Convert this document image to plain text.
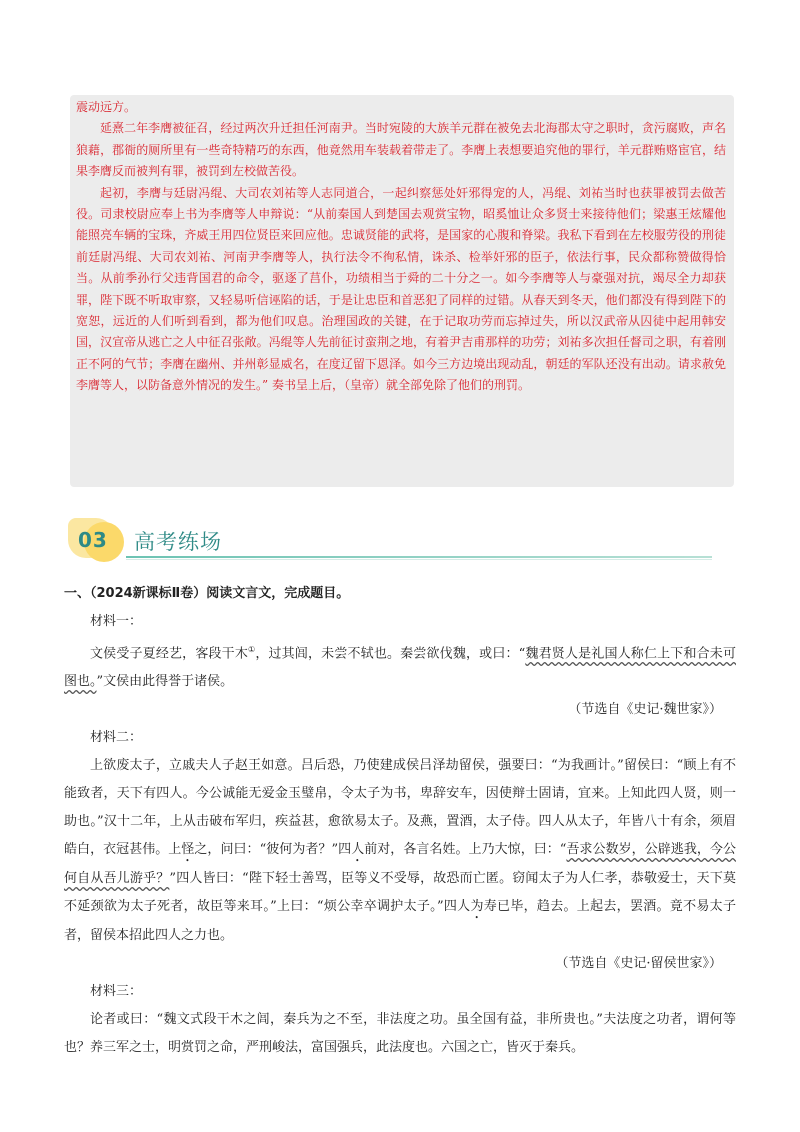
震动远方。

延熹二年李膺被征召，经过两次升迁担任河南尹。当时宛陵的大族羊元群在被免去北海郡太守之职时，贪污腐败，声名狼藉，郡衙的厕所里有一些奇特精巧的东西，他竟然用车装载着带走了。李膺上表想要追究他的罪行，羊元群贿赂宦官，结果李膺反而被判有罪，被罚到左校做苦役。

起初，李膺与廷尉冯绲、大司农刘祐等人志同道合，一起纠察惩处奸邪得宠的人，冯绲、刘祐当时也获罪被罚去做苦役。司隶校尉应奉上书为李膺等人申辩说：“从前秦国人到楚国去观赏宝物，昭奚恤让众多贤士来接待他们；梁惠王炫耀他能照亮车辆的宝珠，齐威王用四位贤臣来回应他。忠诚贤能的武将，是国家的心腹和脊梁。我私下看到在左校服劳役的刑徒前廷尉冯绲、大司农刘祐、河南尹李膺等人，执行法令不徇私情，诛杀、检举奸邪的臣子，依法行事，民众都称赞做得恰当。从前季孙行父违背国君的命令，驱逐了莒仆，功绩相当于舜的二十分之一。如今李膺等人与豪强对抗，竭尽全力却获罪，陛下既不听取审察，又轻易听信诬陷的话，于是让忠臣和首恶犯了同样的过错。从春天到冬天，他们都没有得到陛下的宽恕，远近的人们听到看到，都为他们叹息。治理国政的关键，在于记取功劳而忘掉过失，所以汉武帝从囚徒中起用韩安国，汉宣帝从逃亡之人中征召张敞。冯绲等人先前征讨蛮荆之地，有着尹吉甫那样的功劳；刘祐多次担任督司之职，有着刚正不阿的气节；李膺在幽州、并州彰显威名，在度辽留下恩泽。如今三方边境出现动乱，朝廷的军队还没有出动。请求赦免李膺等人，以防备意外情况的发生。” 奏书呈上后，（皇帝）就全部免除了他们的刑罚。

03 高考练场

一、（2024新课标Ⅱ卷）阅读文言文，完成题目。

材料一：

文侯受子夏经艺，客段干木①，过其闾，未尝不轼也。秦尝欲伐魏，或曰：“魏君贤人是礼国人称仁上下和合未可图也。”文侯由此得誉于诸侯。

（节选自《史记·魏世家》）

材料二：

上欲废太子，立戚夫人子赵王如意。吕后恐，乃使建成侯吕泽劫留侯，强要曰：“为我画计。”留侯曰：“顾上有不能致者，天下有四人。今公诚能无爱金玉璧帛，令太子为书，卑辞安车，因使辩士固请，宜来。上知此四人贤，则一助也。”汉十二年，上从击破布军归，疾益甚，愈欲易太子。及燕，置酒，太子侍。四人从太子，年皆八十有余，须眉皓白，衣冠甚伟。上怪之，问曰：“彼何为者？”四人前对，各言名姓。上乃大惊，曰：“吾求公数岁，公辟逃我，今公何自从吾儿游乎？”四人皆曰：“陛下轻士善骂，臣等义不受辱，故恐而亡匿。窃闻太子为人仁孝，恭敬爱士，天下莫不延颈欲为太子死者，故臣等来耳。”上曰：“烦公幸卒调护太子。”四人为寿已毕，趋去。上起去，罢酒。竟不易太子者，留侯本招此四人之力也。

（节选自《史记·留侯世家》）

材料三：

论者或曰：“魏文式段干木之闾，秦兵为之不至，非法度之功。虽全国有益，非所贵也。”夫法度之功者，谓何等也？养三军之士，明赏罚之命，严刑峻法，富国强兵，此法度也。六国之亡，皆灭于秦兵。
